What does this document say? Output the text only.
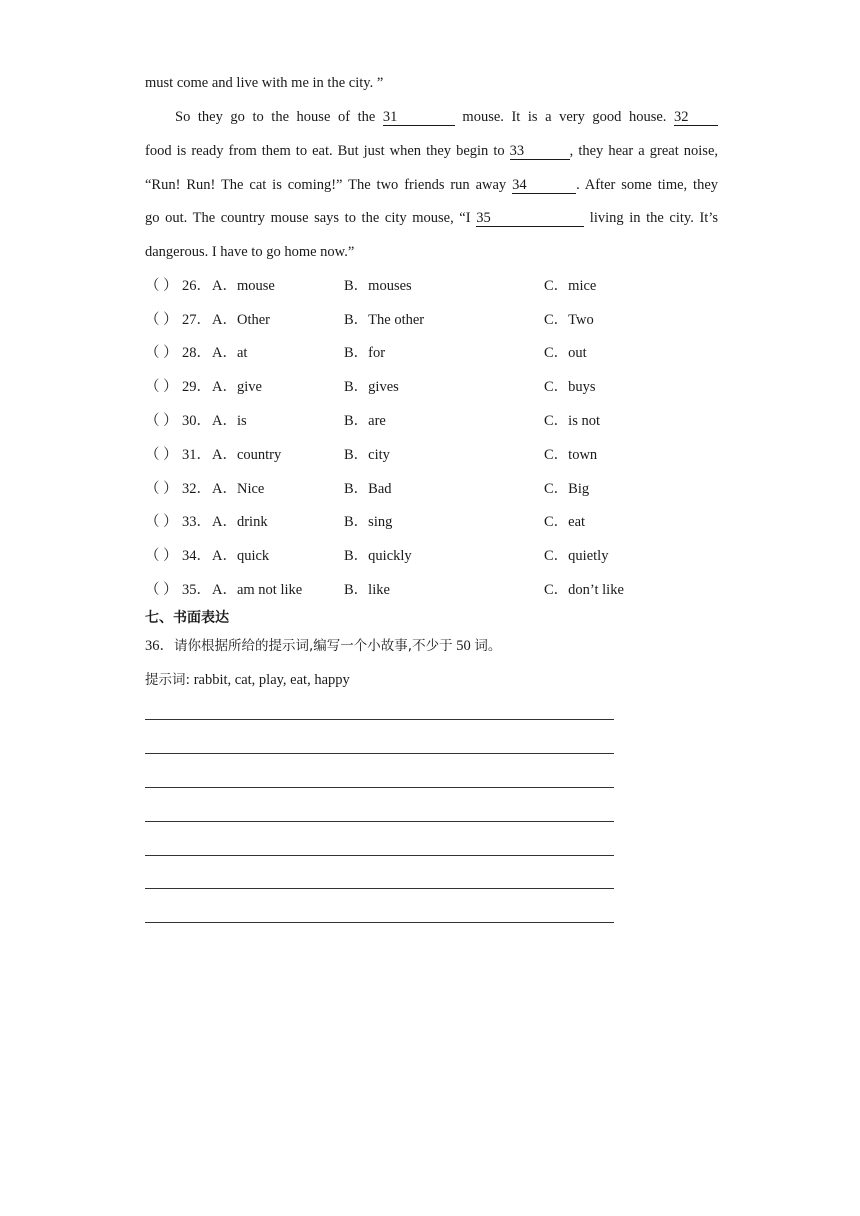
must come and live with me in the city. ”
So they go to the house of the 31	mouse. It is a very good house. 32
food is ready from them to eat. But just when they begin to 33	, they hear a great noise,
“Run! Run! The cat is coming!” The two friends run away 34	. After some time, they
go out. The country mouse says to the city mouse, “I 35	living in the city. It’s
dangerous. I have to go home now.”
（ ） 26． A．mouse	B．mouses	C．mice
（ ） 27． A．Other	B．The other	C．Two
（ ） 28． A．at	B．for	C．out
（ ） 29． A．give	B．gives	C．buys
（ ） 30． A．is	B．are	C．is not
（ ） 31． A．country	B．city	C．town
（ ） 32． A．Nice	B．Bad	C．Big
（ ） 33． A．drink	B．sing	C．eat
（ ） 34． A．quick	B．quickly	C．quietly
（ ） 35． A．am not like	B．like	C．don’t like
七、书面表达
36．请你根据所给的提示词,编写一个小故事,不少于 50 词。
提示词: rabbit, cat, play, eat, happy
